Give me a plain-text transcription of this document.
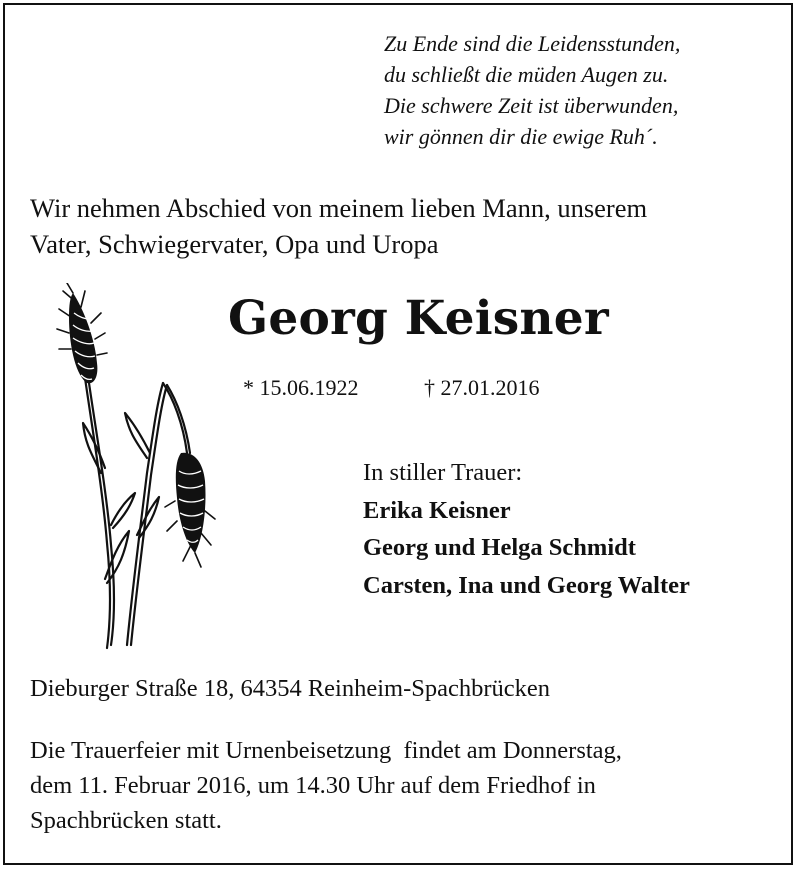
Zu Ende sind die Leidensstunden,
du schließt die müden Augen zu.
Die schwere Zeit ist überwunden,
wir gönnen dir die ewige Ruh´.
Wir nehmen Abschied von meinem lieben Mann, unserem
Vater, Schwiegervater, Opa und Uropa
Georg Keisner
* 15.06.1922	† 27.01.2016
In stiller Trauer:
Erika Keisner
Georg und Helga Schmidt
Carsten, Ina und Georg Walter
Dieburger Straße 18, 64354 Reinheim-Spachbrücken
Die Trauerfeier mit Urnenbeisetzung  findet am Donnerstag,
dem 11. Februar 2016, um 14.30 Uhr auf dem Friedhof in
Spachbrücken statt.
